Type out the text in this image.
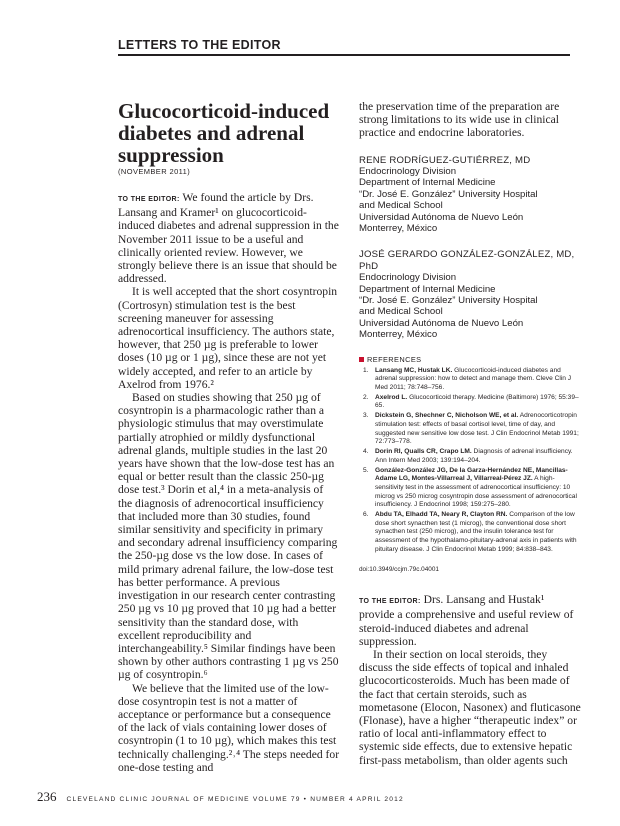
LETTERS TO THE EDITOR
Glucocorticoid-induced diabetes and adrenal suppression
(NOVEMBER 2011)

TO THE EDITOR: We found the article by Drs. Lansang and Kramer¹ on glucocorticoid-induced diabetes and adrenal suppression in the November 2011 issue to be a useful and clinically oriented review. However, we strongly believe there is an issue that should be addressed.

It is well accepted that the short cosyntropin (Cortrosyn) stimulation test is the best screening maneuver for assessing adrenocortical insufficiency. The authors state, however, that 250 µg is preferable to lower doses (10 µg or 1 µg), since these are not yet widely accepted, and refer to an article by Axelrod from 1976.²

Based on studies showing that 250 µg of cosyntropin is a pharmacologic rather than a physiologic stimulus that may overstimulate partially atrophied or mildly dysfunctional adrenal glands, multiple studies in the last 20 years have shown that the low-dose test has an equal or better result than the classic 250-µg dose test.³ Dorin et al,⁴ in a meta-analysis of the diagnosis of adrenocortical insufficiency that included more than 30 studies, found similar sensitivity and specificity in primary and secondary adrenal insufficiency comparing the 250-µg dose vs the low dose. In cases of mild primary adrenal failure, the low-dose test has better performance. A previous investigation in our research center contrasting 250 µg vs 10 µg proved that 10 µg had a better sensitivity than the standard dose, with excellent reproducibility and interchangeability.⁵ Similar findings have been shown by other authors contrasting 1 µg vs 250 µg of cosyntropin.⁶

We believe that the limited use of the low-dose cosyntropin test is not a matter of acceptance or performance but a consequence of the lack of vials containing lower doses of cosyntropin (1 to 10 µg), which makes this test technically challenging.²˒⁴ The steps needed for one-dose testing and

the preservation time of the preparation are strong limitations to its wide use in clinical practice and endocrine laboratories.

RENE RODRÍGUEZ-GUTIÉRREZ, MD
Endocrinology Division
Department of Internal Medicine
“Dr. José E. González” University Hospital
and Medical School
Universidad Autónoma de Nuevo León
Monterrey, México
JOSÉ GERARDO GONZÁLEZ-GONZÁLEZ, MD, PhD
Endocrinology Division
Department of Internal Medicine
“Dr. José E. González” University Hospital
and Medical School
Universidad Autónoma de Nuevo León
Monterrey, México
REFERENCES
1. Lansang MC, Hustak LK. Glucocorticoid-induced diabetes and adrenal suppression: how to detect and manage them. Cleve Clin J Med 2011; 78:748–756.
2. Axelrod L. Glucocorticoid therapy. Medicine (Baltimore) 1976; 55:39–65.
3. Dickstein G, Shechner C, Nicholson WE, et al. Adrenocorticotropin stimulation test: effects of basal cortisol level, time of day, and suggested new sensitive low dose test. J Clin Endocrinol Metab 1991; 72:773–778.
4. Dorin RI, Qualls CR, Crapo LM. Diagnosis of adrenal insufficiency. Ann Intern Med 2003; 139:194–204.
5. González-González JG, De la Garza-Hernández NE, Mancillas-Adame LG, Montes-Villarreal J, Villarreal-Pérez JZ. A high-sensitivity test in the assessment of adrenocortical insufficiency: 10 microg vs 250 microg cosyntropin dose assessment of adrenocortical insufficiency. J Endocrinol 1998; 159:275–280.
6. Abdu TA, Elhadd TA, Neary R, Clayton RN. Comparison of the low dose short synacthen test (1 microg), the conventional dose short synacthen test (250 microg), and the insulin tolerance test for assessment of the hypothalamo-pituitary-adrenal axis in patients with pituitary disease. J Clin Endocrinol Metab 1999; 84:838–843.
doi:10.3949/ccjm.79c.04001

TO THE EDITOR: Drs. Lansang and Hustak¹ provide a comprehensive and useful review of steroid-induced diabetes and adrenal suppression.

In their section on local steroids, they discuss the side effects of topical and inhaled glucocorticosteroids. Much has been made of the fact that certain steroids, such as mometasone (Elocon, Nasonex) and fluticasone (Flonase), have a higher “therapeutic index” or ratio of local anti-inflammatory effect to systemic side effects, due to extensive hepatic first-pass metabolism, than older agents such

236 CLEVELAND CLINIC JOURNAL OF MEDICINE VOLUME 79 • NUMBER 4 APRIL 2012
